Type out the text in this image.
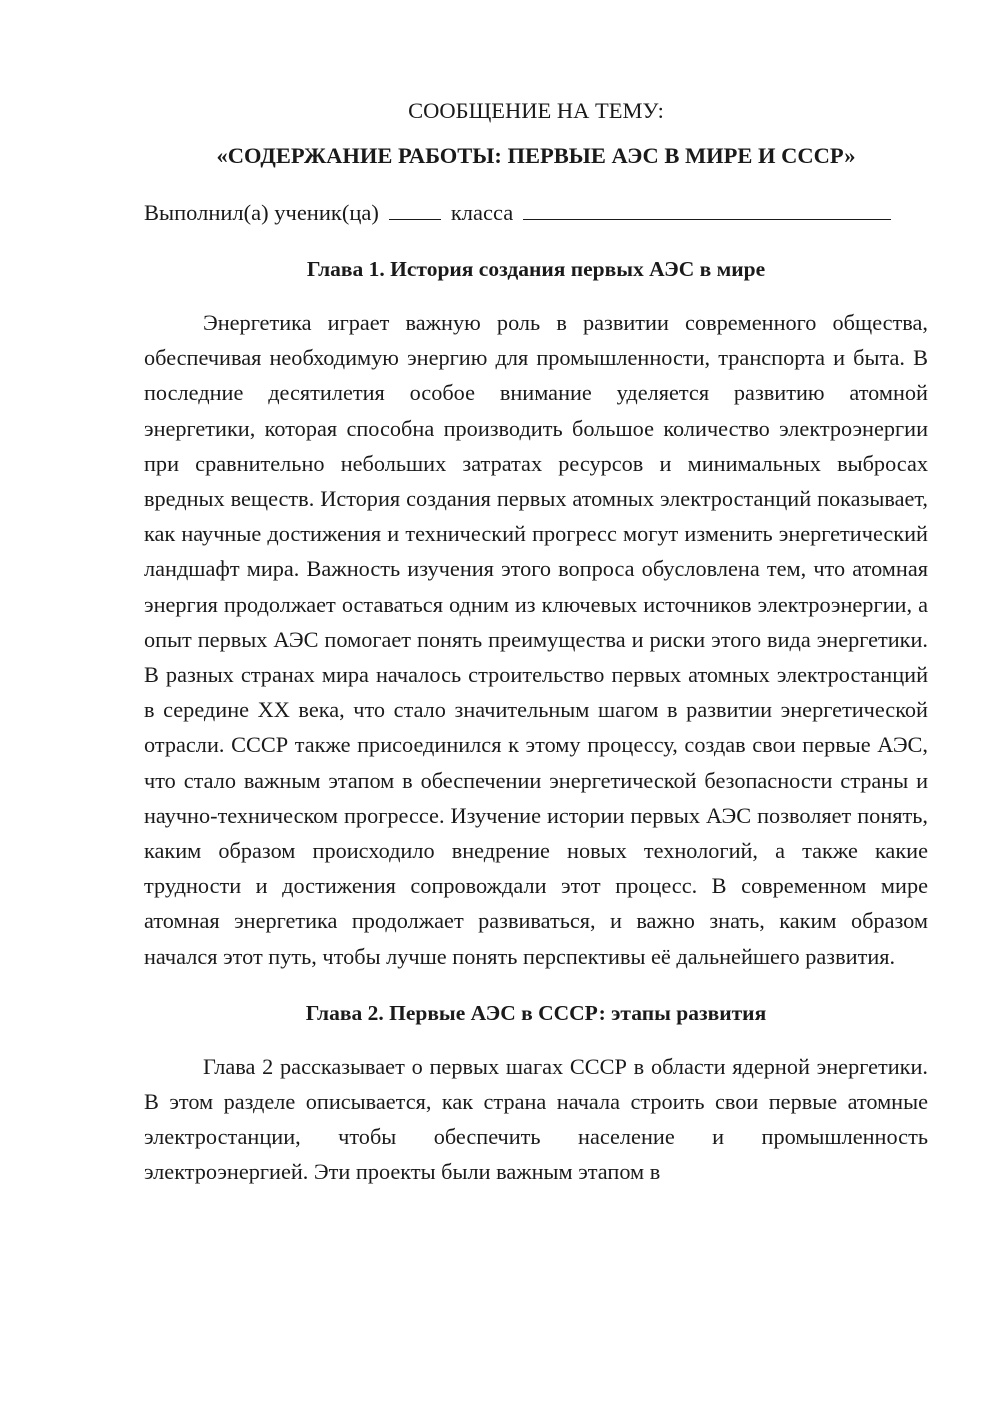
СООБЩЕНИЕ НА ТЕМУ:
«СОДЕРЖАНИЕ РАБОТЫ: ПЕРВЫЕ АЭС В МИРЕ И СССР»
Выполнил(а) ученик(ца)	класса
Глава 1. История создания первых АЭС в мире

Энергетика играет важную роль в развитии современного общества, обеспечивая необходимую энергию для промышленности, транспорта и быта. В последние десятилетия особое внимание уделяется развитию атомной энергетики, которая способна производить большое количество электроэнергии при сравнительно небольших затратах ресурсов и минимальных выбросах вредных веществ. История создания первых атомных электростанций показывает, как научные достижения и технический прогресс могут изменить энергетический ландшафт мира. Важность изучения этого вопроса обусловлена тем, что атомная энергия продолжает оставаться одним из ключевых источников электроэнергии, а опыт первых АЭС помогает понять преимущества и риски этого вида энергетики. В разных странах мира началось строительство первых атомных электростанций в середине XX века, что стало значительным шагом в развитии энергетической отрасли. СССР также присоединился к этому процессу, создав свои первые АЭС, что стало важным этапом в обеспечении энергетической безопасности страны и научно-техническом прогрессе. Изучение истории первых АЭС позволяет понять, каким образом происходило внедрение новых технологий, а также какие трудности и достижения сопровождали этот процесс. В современном мире атомная энергетика продолжает развиваться, и важно знать, каким образом начался этот путь, чтобы лучше понять перспективы её дальнейшего развития.

Глава 2. Первые АЭС в СССР: этапы развития

Глава 2 рассказывает о первых шагах СССР в области ядерной энергетики. В этом разделе описывается, как страна начала строить свои первые атомные электростанции, чтобы обеспечить население и промышленность электроэнергией. Эти проекты были важным этапом в
